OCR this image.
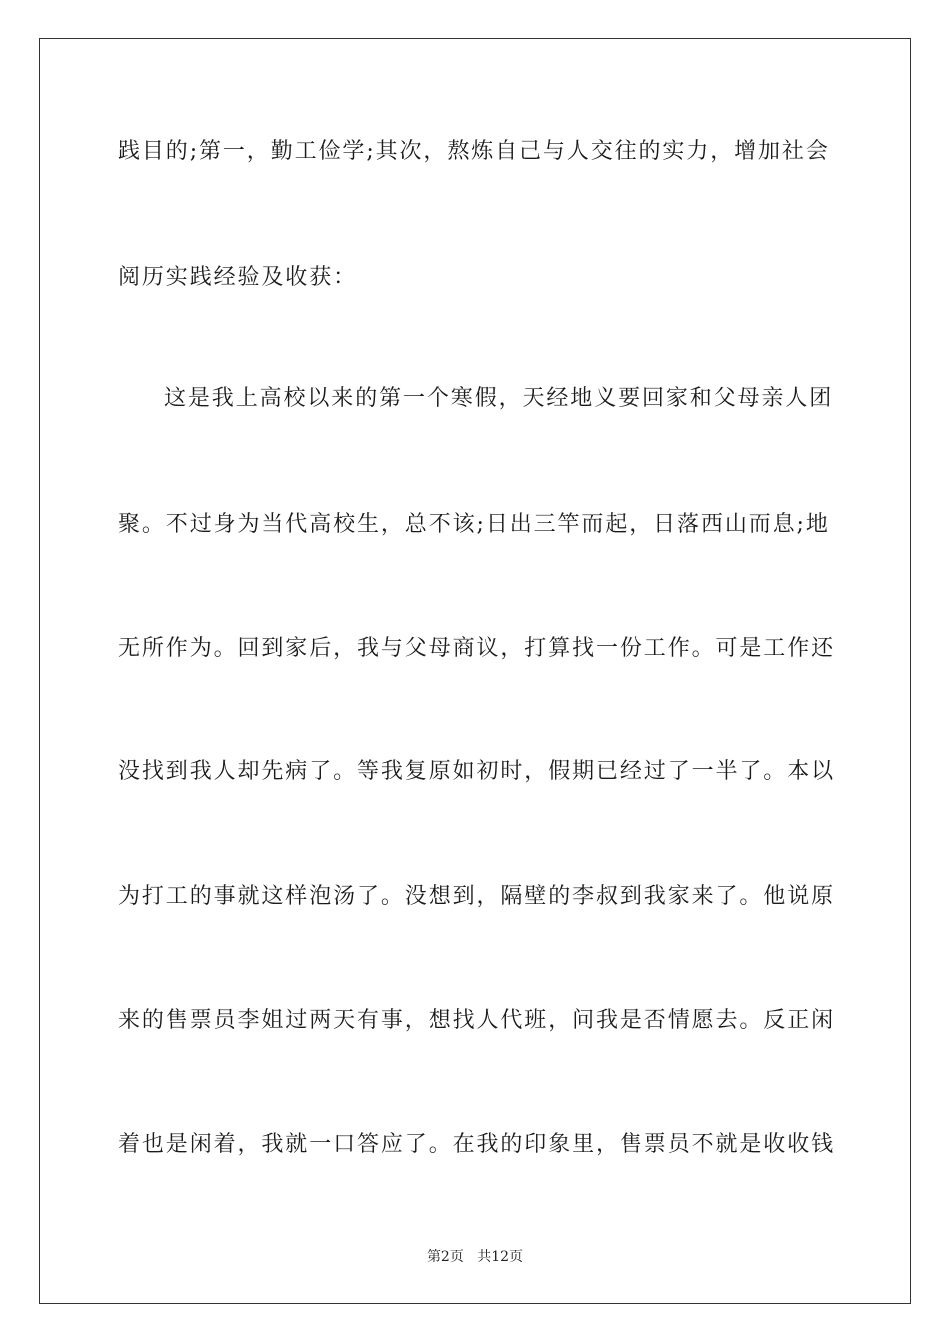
践目的;第一，勤工俭学;其次，熬炼自己与人交往的实力，增加社会
阅历实践经验及收获：
这是我上高校以来的第一个寒假，天经地义要回家和父母亲人团
聚。不过身为当代高校生，总不该;日出三竿而起，日落西山而息;地
无所作为。回到家后，我与父母商议，打算找一份工作。可是工作还
没找到我人却先病了。等我复原如初时，假期已经过了一半了。本以
为打工的事就这样泡汤了。没想到，隔壁的李叔到我家来了。他说原
来的售票员李姐过两天有事，想找人代班，问我是否情愿去。反正闲
着也是闲着，我就一口答应了。在我的印象里，售票员不就是收收钱
第2页 共12页
